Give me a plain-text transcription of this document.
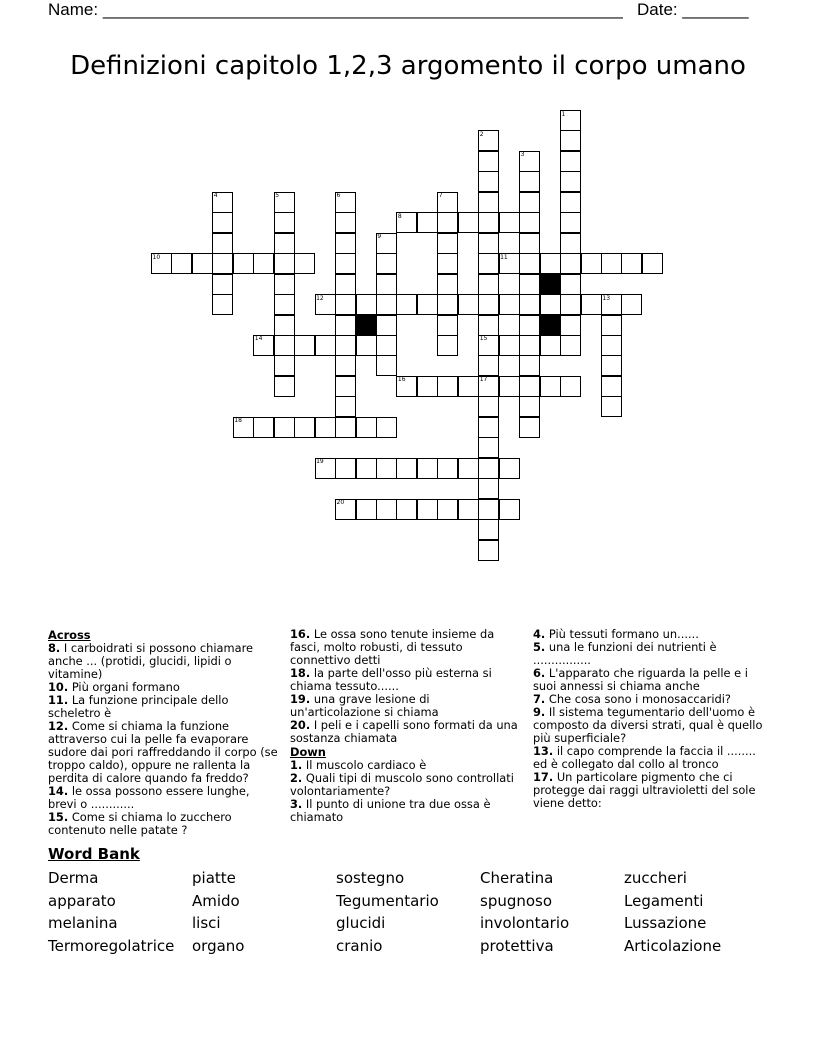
Name: _______________________________________________________ Date: _______
Definizioni capitolo 1,2,3 argomento il corpo umano
1
2
3
4	5	6	7
8
9
10	11
12	13
14	15
16	17
18
19
20
Across

8. I carboidrati si possono chiamare anche ... (protidi, glucidi, lipidi o vitamine)

10. Più organi formano

11. La funzione principale dello scheletro è

12. Come si chiama la funzione attraverso cui la pelle fa evaporare sudore dai pori raffreddando il corpo (se troppo caldo), oppure ne rallenta la perdita di calore quando fa freddo?

14. le ossa possono essere lunghe, brevi o ............

15. Come si chiama lo zucchero contenuto nelle patate ?

16. Le ossa sono tenute insieme da fasci, molto robusti, di tessuto connettivo detti

18. la parte dell'osso più esterna si chiama tessuto......

19. una grave lesione di un'articolazione si chiama

20. I peli e i capelli sono formati da una sostanza chiamata

Down

1. Il muscolo cardiaco è

2. Quali tipi di muscolo sono controllati volontariamente?

3. Il punto di unione tra due ossa è chiamato

4. Più tessuti formano un......

5. una le funzioni dei nutrienti è ................

6. L'apparato che riguarda la pelle e i suoi annessi si chiama anche

7. Che cosa sono i monosaccaridi?

9. Il sistema tegumentario dell'uomo è composto da diversi strati, qual è quello più superficiale?

13. il capo comprende la faccia il ........ ed è collegato dal collo al tronco

17. Un particolare pigmento che ci protegge dai raggi ultravioletti del sole viene detto:

Word Bank
Derma	piatte	sostegno	Cheratina	zuccheri
apparato	Amido	Tegumentario	spugnoso	Legamenti
melanina	lisci	glucidi	involontario	Lussazione
Termoregolatrice	organo	cranio	protettiva	Articolazione
